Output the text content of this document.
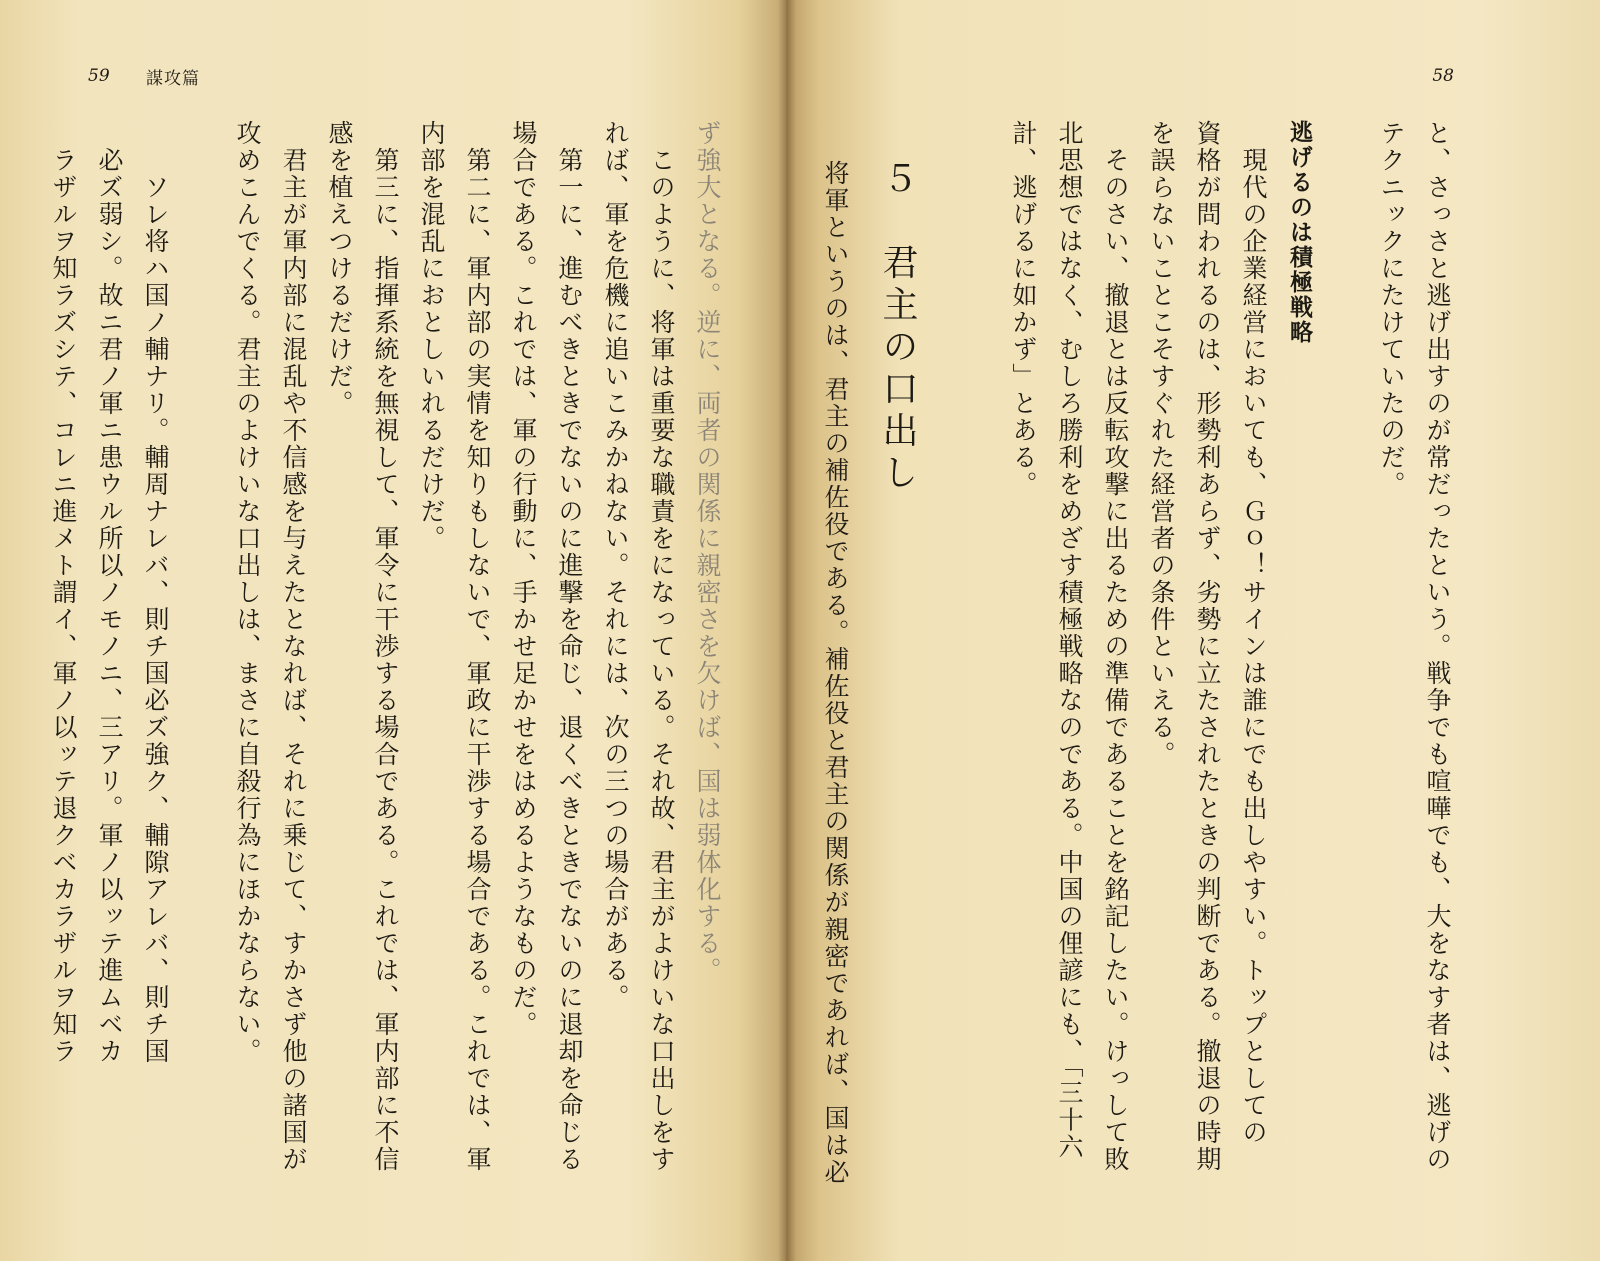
59 謀攻篇
ず強大となる。逆に、両者の関係に親密さを欠けば、国は弱体化する。
　このように、将軍は重要な職責をになっている。それ故、君主がよけいな口出しをす
れば、軍を危機に追いこみかねない。それには、次の三つの場合がある。
　第一に、進むべきときでないのに進撃を命じ、退くべきときでないのに退却を命じる
場合である。これでは、軍の行動に、手かせ足かせをはめるようなものだ。
　第二に、軍内部の実情を知りもしないで、軍政に干渉する場合である。これでは、軍
内部を混乱におとしいれるだけだ。
　第三に、指揮系統を無視して、軍令に干渉する場合である。これでは、軍内部に不信
感を植えつけるだけだ。
　君主が軍内部に混乱や不信感を与えたとなれば、それに乗じて、すかさず他の諸国が
攻めこんでくる。君主のよけいな口出しは、まさに自殺行為にほかならない。

　　ソレ将ハ国ノ輔ナリ。輔周ナレバ、則チ国必ズ強ク、輔隙アレバ、則チ国
　必ズ弱シ。故ニ君ノ軍ニ患ウル所以ノモノニ、三アリ。軍ノ以ッテ進ムベカ
　ラザルヲ知ラズシテ、コレニ進メト謂イ、軍ノ以ッテ退クベカラザルヲ知ラ
58
と、さっさと逃げ出すのが常だったという。戦争でも喧嘩でも、大をなす者は、逃げの
テクニックにたけていたのだ。

逃げるのは積極戦略
　現代の企業経営においても、Ｇｏ！サインは誰にでも出しやすい。トップとしての
資格が問われるのは、形勢利あらず、劣勢に立たされたときの判断である。撤退の時期
を誤らないことこそすぐれた経営者の条件といえる。
　そのさい、撤退とは反転攻撃に出るための準備であることを銘記したい。けっして敗
北思想ではなく、むしろ勝利をめざす積極戦略なのである。中国の俚諺にも、「三十六
計、逃げるに如かず」とある。
５ 君主の口出し
将軍というのは、君主の補佐役である。補佐役と君主の関係が親密であれば、国は必
